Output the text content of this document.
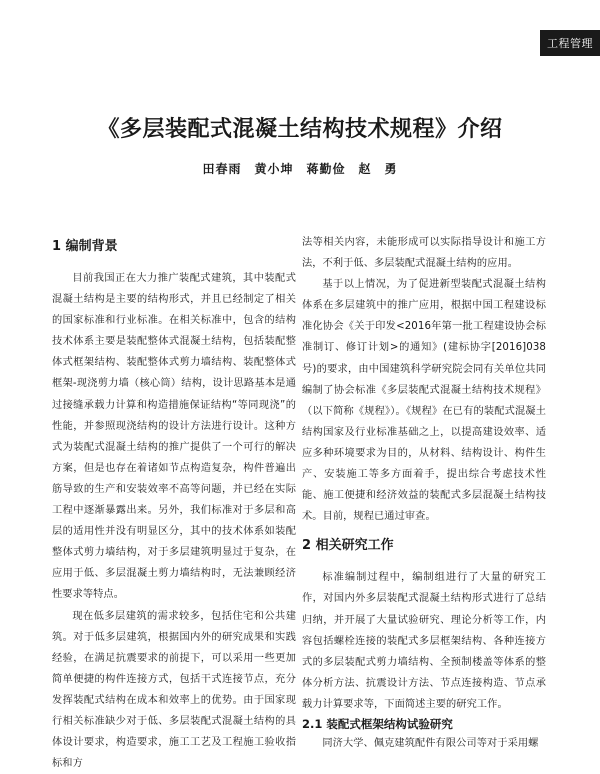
工程管理
《多层装配式混凝土结构技术规程》介绍
田春雨　黄小坤　蒋勤俭　赵　勇
1 编制背景

目前我国正在大力推广装配式建筑，其中装配式混凝土结构是主要的结构形式，并且已经制定了相关的国家标准和行业标准。在相关标准中，包含的结构技术体系主要是装配整体式混凝土结构，包括装配整体式框架结构、装配整体式剪力墙结构、装配整体式框架-现浇剪力墙（核心筒）结构，设计思路基本是通过接缝承载力计算和构造措施保证结构“等同现浇”的性能，并参照现浇结构的设计方法进行设计。这种方式为装配式混凝土结构的推广提供了一个可行的解决方案，但是也存在着诸如节点构造复杂，构件普遍出筋导致的生产和安装效率不高等问题，并已经在实际工程中逐渐暴露出来。另外，我们标准对于多层和高层的适用性并没有明显区分，其中的技术体系如装配整体式剪力墙结构，对于多层建筑明显过于复杂，在应用于低、多层混凝土剪力墙结构时，无法兼顾经济性要求等特点。

现在低多层建筑的需求较多，包括住宅和公共建筑。对于低多层建筑，根据国内外的研究成果和实践经验，在满足抗震要求的前提下，可以采用一些更加简单便捷的构件连接方式，包括干式连接节点，充分发挥装配式结构在成本和效率上的优势。由于国家现行相关标准缺少对于低、多层装配式混凝土结构的具体设计要求，构造要求，施工工艺及工程施工验收指标和方

法等相关内容，未能形成可以实际指导设计和施工方法，不利于低、多层装配式混凝土结构的应用。

基于以上情况，为了促进新型装配式混凝土结构体系在多层建筑中的推广应用，根据中国工程建设标准化协会《关于印发<2016年第一批工程建设协会标准制订、修订计划>的通知》(建标协字[2016]038号)的要求，由中国建筑科学研究院会同有关单位共同编制了协会标准《多层装配式混凝土结构技术规程》（以下简称《规程》）。《规程》在已有的装配式混凝土结构国家及行业标准基础之上，以提高建设效率、适应多种环境要求为目的，从材料、结构设计、构件生产、安装施工等多方面着手，提出综合考虑技术性能、施工便捷和经济效益的装配式多层混凝土结构技术。目前，规程已通过审查。

2 相关研究工作

标准编制过程中，编制组进行了大量的研究工作，对国内外多层装配式混凝土结构形式进行了总结归纳，并开展了大量试验研究、理论分析等工作，内容包括螺栓连接的装配式多层框架结构、各种连接方式的多层装配式剪力墙结构、全预制楼盖等体系的整体分析方法、抗震设计方法、节点连接构造、节点承载力计算要求等，下面简述主要的研究工作。

2.1 装配式框架结构试验研究

同济大学、佩克建筑配件有限公司等对于采用螺
